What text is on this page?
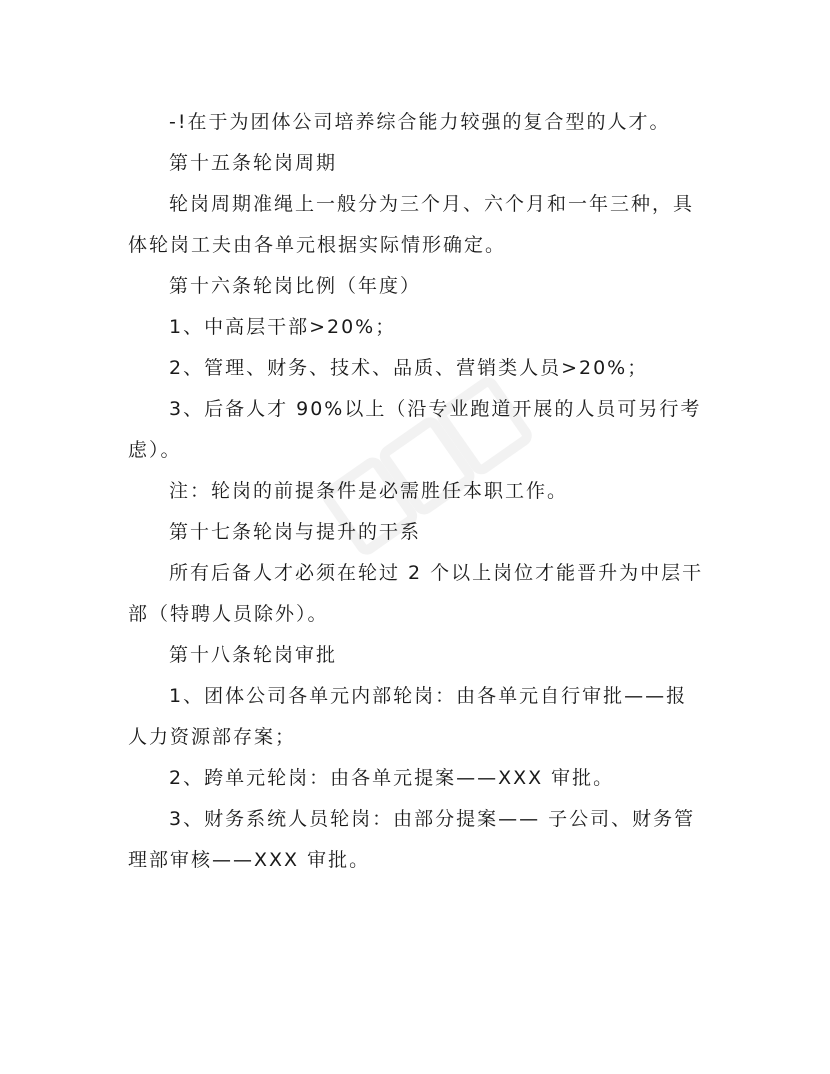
-!在于为团体公司培养综合能力较强的复合型的人才。

第十五条轮岗周期

轮岗周期准绳上一般分为三个月、六个月和一年三种，具

体轮岗工夫由各单元根据实际情形确定。

第十六条轮岗比例（年度）

1、中高层干部>20%；

2、管理、财务、技术、品质、营销类人员>20%；

3、后备人才 90%以上（沿专业跑道开展的人员可另行考

虑）。

注：轮岗的前提条件是必需胜任本职工作。

第十七条轮岗与提升的干系

所有后备人才必须在轮过 2 个以上岗位才能晋升为中层干

部（特聘人员除外）。

第十八条轮岗审批

1、团体公司各单元内部轮岗：由各单元自行审批——报

人力资源部存案；

2、跨单元轮岗：由各单元提案——XXX 审批。

3、财务系统人员轮岗：由部分提案—— 子公司、财务管

理部审核——XXX 审批。
